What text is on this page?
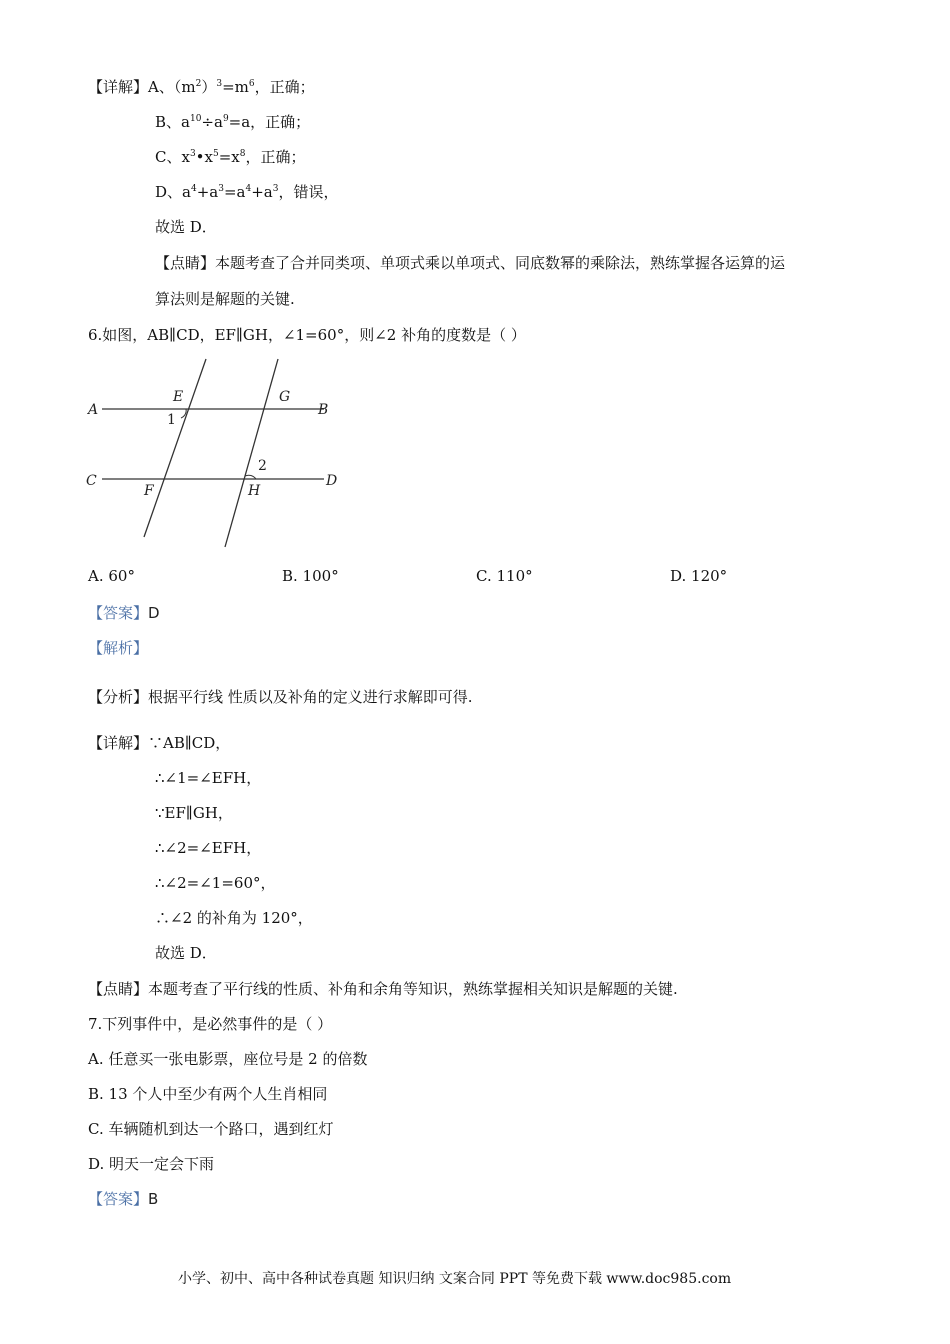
【详解】A、$(m^2)^3=m^6$，正确；
B、$a^{10}\div a^9=a$，正确；
C、$x^3•x^5=x^8$，正确；
D、$a^4+a^3=a^4+a^3$，错误，
故选 D．
【点睛】本题考查了合并同类项、单项式乘以单项式、同底数幂的乘除法，熟练掌握各运算的运
算法则是解题的关键.
6.如图，AB∥CD，EF∥GH，∠1=60°，则∠2 补角的度数是（ ）
A	B
C	D
E
F
G
H
1
2
A. 60°	B. 100°	C. 110°	D. 120°
【答案】D
【解析】
【分析】根据平行线 性质以及补角的定义进行求解即可得.
【详解】∵AB∥CD，
∴∠1=∠EFH，
∵EF∥GH，
∴∠2=∠EFH，
∴∠2=∠1=60°，
∴∠2 的补角为 120°，
故选 D．
【点睛】本题考查了平行线的性质、补角和余角等知识，熟练掌握相关知识是解题的关键.
7.下列事件中，是必然事件的是（ ）
A. 任意买一张电影票，座位号是 2 的倍数
B. 13 个人中至少有两个人生肖相同
C. 车辆随机到达一个路口，遇到红灯
D. 明天一定会下雨
【答案】B
小学、初中、高中各种试卷真题 知识归纳 文案合同 PPT 等免费下载 www.doc985.com
